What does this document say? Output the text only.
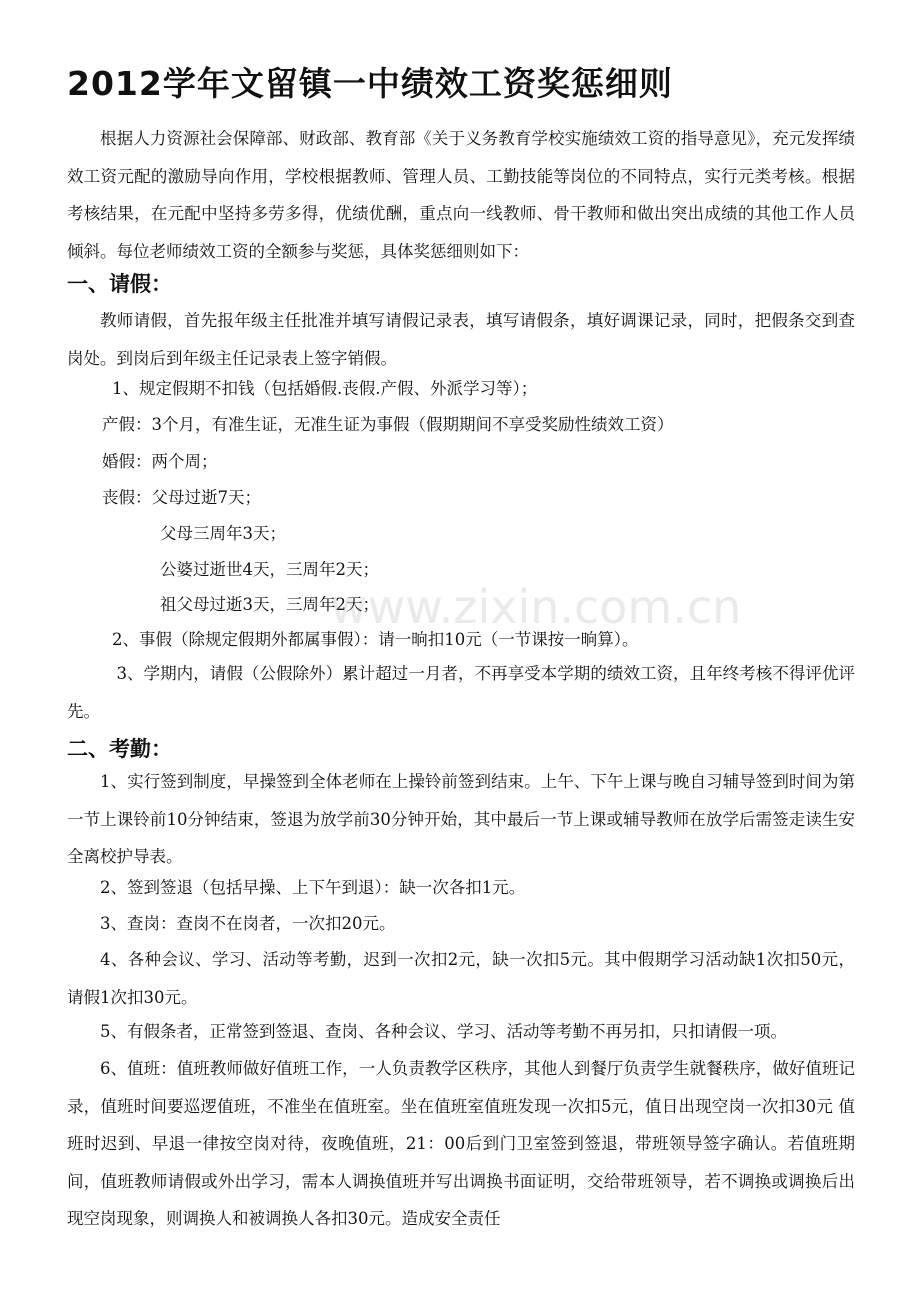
2012学年文留镇一中绩效工资奖惩细则
根据人力资源社会保障部、财政部、教育部《关于义务教育学校实施绩效工资的指导意见》，充元发挥绩效工资元配的激励导向作用，学校根据教师、管理人员、工勤技能等岗位的不同特点，实行元类考核。根据考核结果，在元配中坚持多劳多得，优绩优酬，重点向一线教师、骨干教师和做出突出成绩的其他工作人员倾斜。每位老师绩效工资的全额参与奖惩，具体奖惩细则如下：
一、请假：
教师请假，首先报年级主任批准并填写请假记录表，填写请假条，填好调课记录，同时，把假条交到查岗处。到岗后到年级主任记录表上签字销假。
1、规定假期不扣钱（包括婚假.丧假.产假、外派学习等）；
产假：3个月，有准生证，无准生证为事假（假期期间不享受奖励性绩效工资）
婚假：两个周；
丧假：父母过逝7天；
父母三周年3天；
公婆过逝世4天，三周年2天；
祖父母过逝3天，三周年2天；
2、事假（除规定假期外都属事假）：请一晌扣10元（一节课按一晌算）。
3、学期内，请假（公假除外）累计超过一月者，不再享受本学期的绩效工资，且年终考核不得评优评先。
二、考勤：
1、实行签到制度，早操签到全体老师在上操铃前签到结束。上午、下午上课与晚自习辅导签到时间为第一节上课铃前10分钟结束，签退为放学前30分钟开始，其中最后一节上课或辅导教师在放学后需签走读生安全离校护导表。
2、签到签退（包括早操、上下午到退）：缺一次各扣1元。
3、查岗：查岗不在岗者，一次扣20元。
4、各种会议、学习、活动等考勤，迟到一次扣2元，缺一次扣5元。其中假期学习活动缺1次扣50元，请假1次扣30元。
5、有假条者，正常签到签退、查岗、各种会议、学习、活动等考勤不再另扣，只扣请假一项。
6、值班：值班教师做好值班工作，一人负责教学区秩序，其他人到餐厅负责学生就餐秩序，做好值班记录，值班时间要巡逻值班，不准坐在值班室。坐在值班室值班发现一次扣5元，值日出现空岗一次扣30元 值班时迟到、早退一律按空岗对待，夜晚值班，21：00后到门卫室签到签退，带班领导签字确认。若值班期间，值班教师请假或外出学习，需本人调换值班并写出调换书面证明，交给带班领导，若不调换或调换后出现空岗现象，则调换人和被调换人各扣30元。造成安全责任
www.zixin.com.cn
